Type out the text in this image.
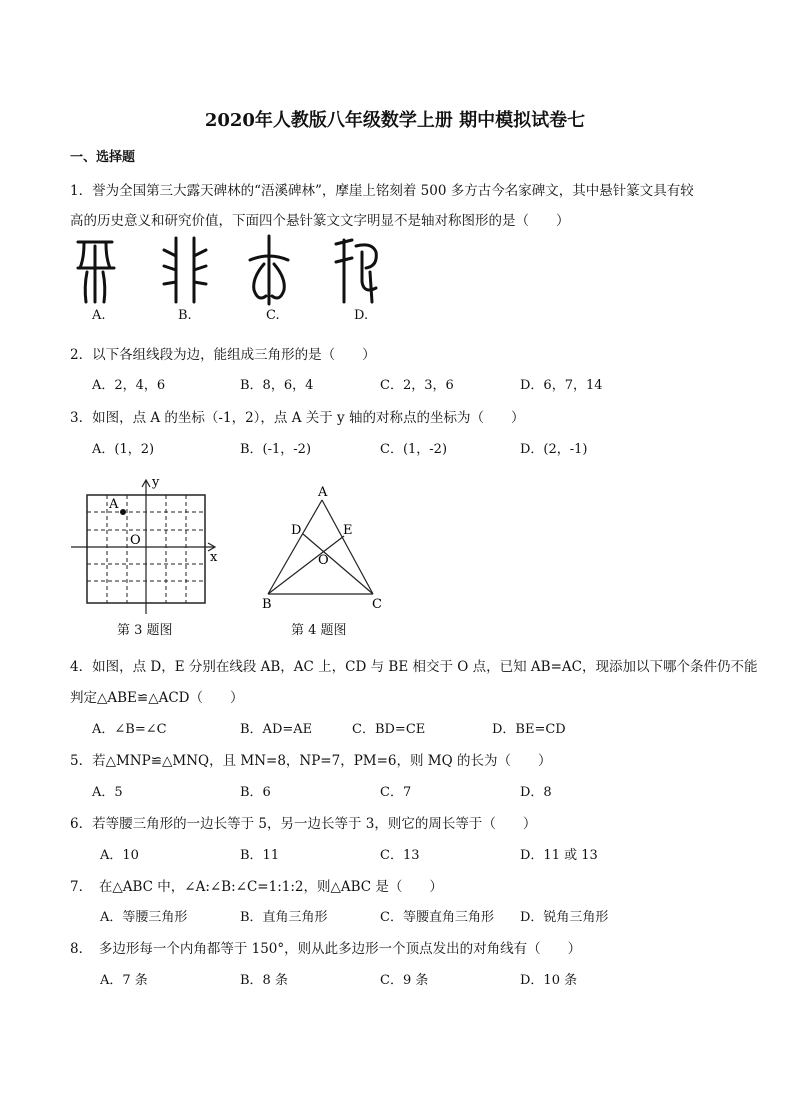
2020年人教版八年级数学上册 期中模拟试卷七
一、选择题
1．誉为全国第三大露天碑林的“浯溪碑林”，摩崖上铭刻着 500 多方古今名家碑文，其中悬针篆文具有较
高的历史意义和研究价值，下面四个悬针篆文文字明显不是轴对称图形的是（　　）
A.	B.	C.	D.
2．以下各组线段为边，能组成三角形的是（　　）
A．2，4，6	B．8，6，4	C．2，3，6	D．6，7，14
3．如图，点 A 的坐标（-1，2），点 A 关于 y 轴的对称点的坐标为（　　）
A．(1，2)	B．(-1，-2)	C．(1，-2)	D．(2，-1)
y
x
A
O
第 3 题图
A
B	C
D	E
O
第 4 题图
4．如图，点 D，E 分别在线段 AB，AC 上，CD 与 BE 相交于 O 点，已知 AB=AC，现添加以下哪个条件仍不能
判定△ABE≌△ACD（　　）
A．∠B=∠C	B．AD=AE	C．BD=CE	D．BE=CD
5．若△MNP≌△MNQ，且 MN=8，NP=7，PM=6，则 MQ 的长为（　　）
A．5	B．6	C．7	D．8
6．若等腰三角形的一边长等于 5，另一边长等于 3，则它的周长等于（　　）
A．10	B．11	C．13	D．11 或 13
7．　在△ABC 中，∠A:∠B:∠C=1:1:2，则△ABC 是（　　）
A．等腰三角形	B．直角三角形	C．等腰直角三角形 D．锐角三角形
8．　多边形每一个内角都等于 150°，则从此多边形一个顶点发出的对角线有（　　）
A．7 条	B．8 条	C．9 条	D．10 条
